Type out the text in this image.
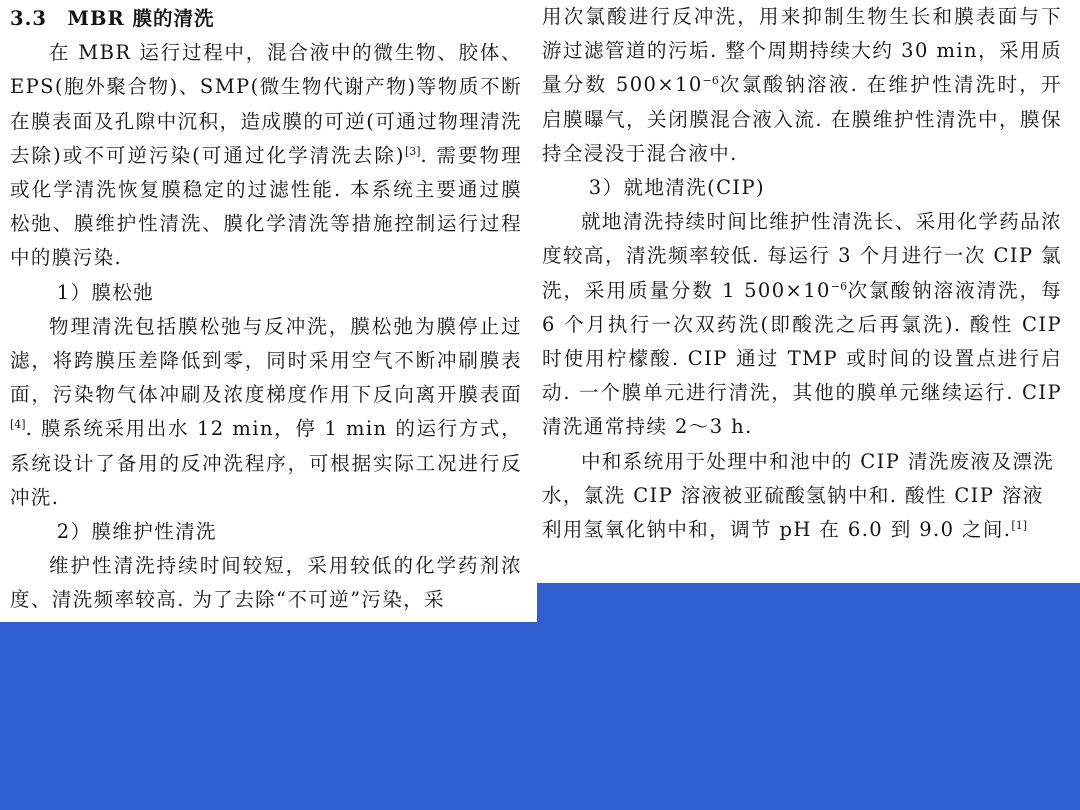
3.3　MBR 膜的清洗

在 MBR 运行过程中，混合液中的微生物、胶体、EPS(胞外聚合物)、SMP(微生物代谢产物)等物质不断在膜表面及孔隙中沉积，造成膜的可逆(可通过物理清洗去除)或不可逆污染(可通过化学清洗去除)[3]. 需要物理或化学清洗恢复膜稳定的过滤性能. 本系统主要通过膜松弛、膜维护性清洗、膜化学清洗等措施控制运行过程中的膜污染.

1）膜松弛

物理清洗包括膜松弛与反冲洗，膜松弛为膜停止过滤，将跨膜压差降低到零，同时采用空气不断冲刷膜表面，污染物气体冲刷及浓度梯度作用下反向离开膜表面[4]. 膜系统采用出水 12 min，停 1 min 的运行方式，系统设计了备用的反冲洗程序，可根据实际工况进行反冲洗.

2）膜维护性清洗

维护性清洗持续时间较短，采用较低的化学药剂浓度、清洗频率较高. 为了去除“不可逆”污染，采

用次氯酸进行反冲洗，用来抑制生物生长和膜表面与下游过滤管道的污垢. 整个周期持续大约 30 min，采用质量分数 $500\times 10^{-6}$次氯酸钠溶液. 在维护性清洗时，开启膜曝气，关闭膜混合液入流. 在膜维护性清洗中，膜保持全浸没于混合液中.

3）就地清洗(CIP)

就地清洗持续时间比维护性清洗长、采用化学药品浓度较高，清洗频率较低. 每运行 3 个月进行一次 CIP 氯洗，采用质量分数 1 $500\times 10^{-6}$次氯酸钠溶液清洗，每 6 个月执行一次双药洗(即酸洗之后再氯洗). 酸性 CIP 时使用柠檬酸. CIP 通过 TMP 或时间的设置点进行启动. 一个膜单元进行清洗，其他的膜单元继续运行. CIP 清洗通常持续 2～3 h.

中和系统用于处理中和池中的 CIP 清洗废液及漂洗水，氯洗 CIP 溶液被亚硫酸氢钠中和. 酸性 CIP 溶液利用氢氧化钠中和，调节 pH 在 6.0 到 9.0 之间.[1]
